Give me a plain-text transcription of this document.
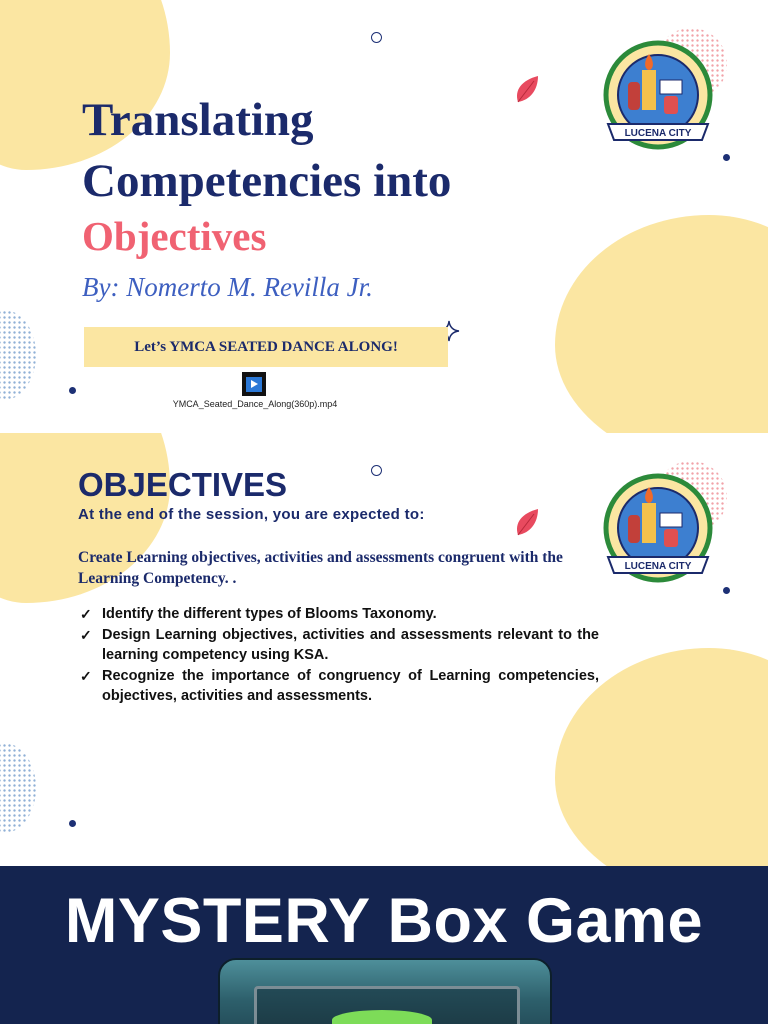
LUCENA CITY
Translating
Competencies into
Objectives
By: Nomerto M. Revilla Jr.
Let’s YMCA SEATED DANCE ALONG!
YMCA_Seated_Dance_Along(360p).mp4
LUCENA CITY
OBJECTIVES
At the end of the session, you are expected to:
Create Learning objectives, activities and assessments congruent with the Learning Competency. .
✓ Identify the different types of Blooms Taxonomy.
✓ Design Learning objectives, activities and assessments relevant to the learning competency using KSA.
✓ Recognize the importance of congruency of Learning competencies, objectives, activities and assessments.
MYSTERY Box Game
